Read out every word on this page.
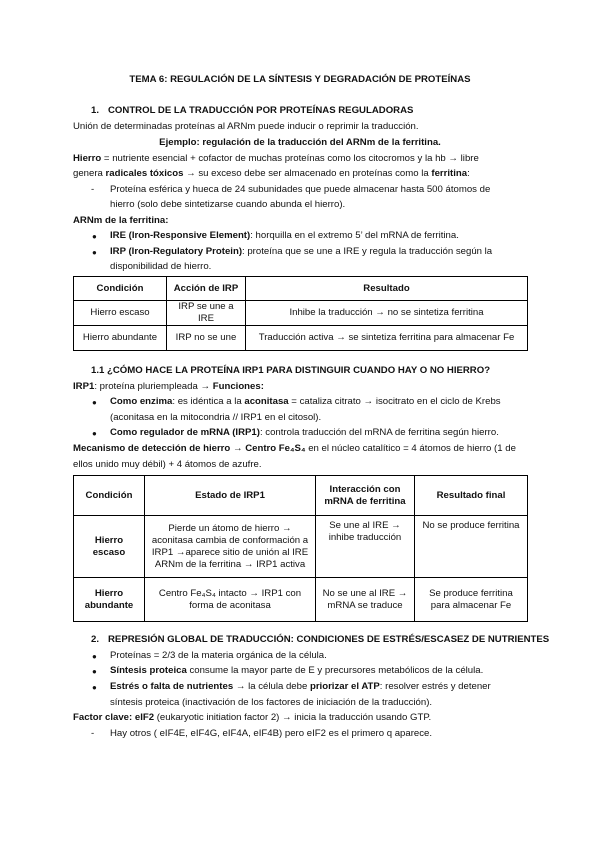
TEMA 6: REGULACIÓN DE LA SÍNTESIS Y DEGRADACIÓN DE PROTEÍNAS
1. CONTROL DE LA TRADUCCIÓN POR PROTEÍNAS REGULADORAS
Unión de determinadas proteínas al ARNm puede inducir o reprimir la traducción.
Ejemplo: regulación de la traducción del ARNm de la ferritina.
Hierro = nutriente esencial + cofactor de muchas proteínas como los citocromos y la hb → libre
genera radicales tóxicos → su exceso debe ser almacenado en proteínas como la ferritina:
- Proteína esférica y hueca de 24 subunidades que puede almacenar hasta 500 átomos de
hierro (solo debe sintetizarse cuando abunda el hierro).
ARNm de la ferritina:
● IRE (Iron-Responsive Element): horquilla en el extremo 5’ del mRNA de ferritina.
● IRP (Iron-Regulatory Protein): proteína que se une a IRE y regula la traducción según la
disponibilidad de hierro.
Condición	Acción de IRP	Resultado
Hierro escaso	IRP se une a IRE	Inhibe la traducción → no se sintetiza ferritina
Hierro abundante	IRP no se une	Traducción activa → se sintetiza ferritina para almacenar Fe
1.1 ¿CÓMO HACE LA PROTEÍNA IRP1 PARA DISTINGUIR CUANDO HAY O NO HIERRO?
IRP1: proteína pluriempleada → Funciones:
● Como enzima: es idéntica a la aconitasa = cataliza citrato → isocitrato en el ciclo de Krebs
(aconitasa en la mitocondria // IRP1 en el citosol).
● Como regulador de mRNA (IRP1): controla traducción del mRNA de ferritina según hierro.
Mecanismo de detección de hierro → Centro Fe₄S₄ en el núcleo catalítico = 4 átomos de hierro (1 de
ellos unido muy débil) + 4 átomos de azufre.
Condición	Estado de IRP1	Interacción con mRNA de ferritina	Resultado final
Hierro escaso	Pierde un átomo de hierro → aconitasa cambia de conformación a IRP1 →aparece sitio de unión al IRE ARNm de la ferritina → IRP1 activa	Se une al IRE → inhibe traducción	No se produce ferritina
Hierro abundante	Centro Fe₄S₄ intacto → IRP1 con forma de aconitasa	No se une al IRE → mRNA se traduce	Se produce ferritina para almacenar Fe
2. REPRESIÓN GLOBAL DE TRADUCCIÓN: CONDICIONES DE ESTRÉS/ESCASEZ DE NUTRIENTES
● Proteínas = 2/3 de la materia orgánica de la célula.
● Síntesis proteica consume la mayor parte de E y precursores metabólicos de la célula.
● Estrés o falta de nutrientes → la célula debe priorizar el ATP: resolver estrés y detener
síntesis proteica (inactivación de los factores de iniciación de la traducción).
Factor clave: eIF2 (eukaryotic initiation factor 2) → inicia la traducción usando GTP.
- Hay otros ( eIF4E, eIF4G, eIF4A, eIF4B) pero eIF2 es el primero q aparece.
